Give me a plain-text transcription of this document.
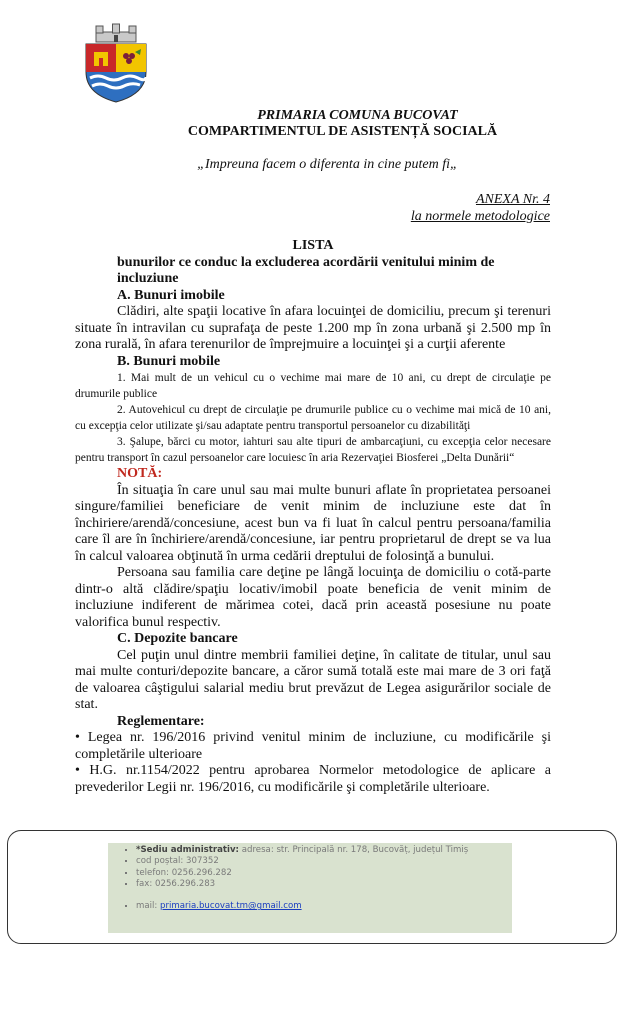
PRIMARIA COMUNA BUCOVAT
COMPARTIMENTUL DE ASISTENȚĂ SOCIALĂ
„Impreuna facem o diferenta in cine putem fi„
ANEXA Nr. 4
la normele metodologice
LISTA
bunurilor ce conduc la excluderea acordării venitului minim de incluziune
A. Bunuri imobile

Clădiri, alte spaţii locative în afara locuinţei de domiciliu, precum şi terenuri situate în intravilan cu suprafaţa de peste 1.200 mp în zona urbană şi 2.500 mp în zona rurală, în afara terenurilor de împrejmuire a locuinţei şi a curţii aferente

B. Bunuri mobile

1. Mai mult de un vehicul cu o vechime mai mare de 10 ani, cu drept de circulaţie pe drumurile publice

2. Autovehicul cu drept de circulaţie pe drumurile publice cu o vechime mai mică de 10 ani, cu excepţia celor utilizate şi/sau adaptate pentru transportul persoanelor cu dizabilităţi

3. Şalupe, bărci cu motor, iahturi sau alte tipuri de ambarcaţiuni, cu excepţia celor necesare pentru transport în cazul persoanelor care locuiesc în aria Rezervaţiei Biosferei „Delta Dunării“

NOTĂ:

În situaţia în care unul sau mai multe bunuri aflate în proprietatea persoanei singure/familiei beneficiare de venit minim de incluziune este dat în închiriere/arendă/concesiune, acest bun va fi luat în calcul pentru persoana/familia care îl are în închiriere/arendă/concesiune, iar pentru proprietarul de drept se va lua în calcul valoarea obţinută în urma cedării dreptului de folosinţă a bunului.

Persoana sau familia care deţine pe lângă locuinţa de domiciliu o cotă-parte dintr-o altă clădire/spaţiu locativ/imobil poate beneficia de venit minim de incluziune indiferent de mărimea cotei, dacă prin această posesiune nu poate valorifica bunul respectiv.

C. Depozite bancare

Cel puţin unul dintre membrii familiei deţine, în calitate de titular, unul sau mai multe conturi/depozite bancare, a căror sumă totală este mai mare de 3 ori faţă de valoarea câştigului salarial mediu brut prevăzut de Legea asigurărilor sociale de stat.

Reglementare:

• Legea nr. 196/2016 privind venitul minim de incluziune, cu modificările şi completările ulterioare

• H.G. nr.1154/2022 pentru aprobarea Normelor metodologice de aplicare a prevederilor Legii nr. 196/2016, cu modificările şi completările ulterioare.

▪ *Sediu administrativ: adresa: str. Principală nr. 178, Bucovăț, județul Timiș
▪ cod poștal: 307352
▪ telefon: 0256.296.282
▪ fax: 0256.296.283
▪ mail: primaria.bucovat.tm@gmail.com
